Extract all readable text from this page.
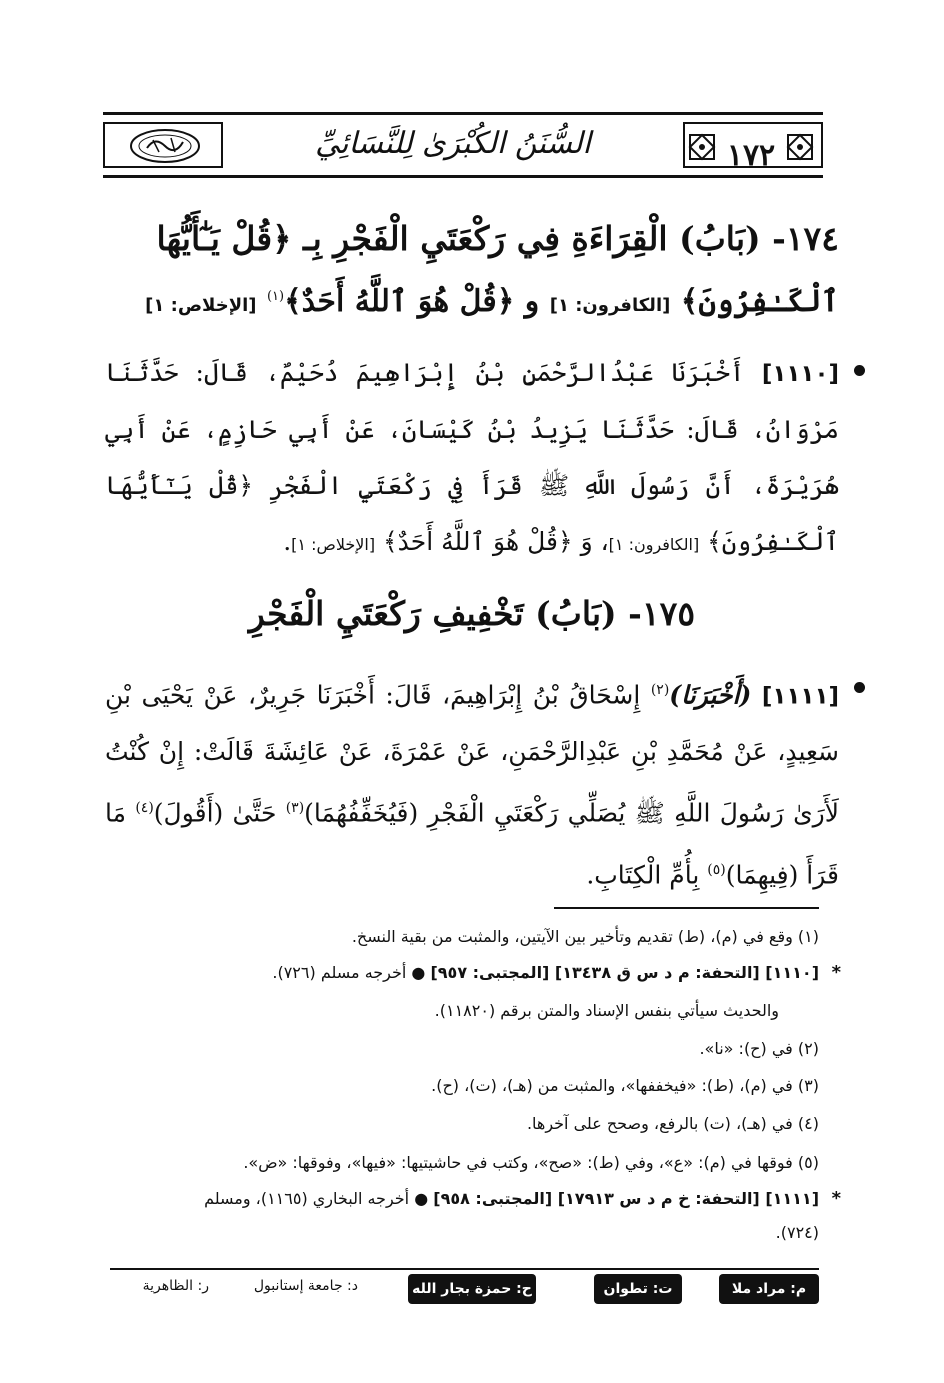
١٧٢
السُّنَنُ الكُبْرَىٰ لِلنَّسَائِيِّ
١٧٤- (بَابُ) الْقِرَاءَةِ فِي رَكْعَتَيِ الْفَجْرِ بِـ ﴿قُلْ يَـٰٓأَيُّهَا
ٱلْكَـٰفِرُونَ﴾ [الكافرون: ١] و ﴿قُلْ هُوَ ٱللَّهُ أَحَدٌ﴾$^{(١)}$ [الإخلاص: ١]
[١١١٠] أَخْبَرَنَا عَبْدُالرَّحْمَنِ بْنُ إِبْرَاهِيمَ دُحَيْمٌ، قَالَ: حَدَّثَنَا مَرْوَانُ، قَالَ: حَدَّثَنَا يَزِيدُ بْنُ كَيْسَانَ، عَنْ أَبِي حَازِمٍ، عَنْ أَبِي هُرَيْرَةَ، أَنَّ رَسُولَ اللَّهِ ﷺ قَرَأَ فِي رَكْعَتَيِ الْفَجْرِ ﴿قُلْ يَـٰٓأَيُّهَا ٱلْكَـٰفِرُونَ﴾ [الكافرون: ١]، وَ ﴿قُلْ هُوَ ٱللَّهُ أَحَدٌ﴾ [الإخلاص: ١].
١٧٥- (بَابُ) تَخْفِيفِ رَكْعَتَيِ الْفَجْرِ
[١١١١] (أَخْبَرَنَا)$^{(٢)}$ إِسْحَاقُ بْنُ إِبْرَاهِيمَ، قَالَ: أَخْبَرَنَا جَرِيرٌ، عَنْ يَحْيَى بْنِ سَعِيدٍ، عَنْ مُحَمَّدِ بْنِ عَبْدِالرَّحْمَنِ، عَنْ عَمْرَةَ، عَنْ عَائِشَةَ قَالَتْ: إِنْ كُنْتُ لَأَرَىٰ رَسُولَ اللَّهِ ﷺ يُصَلِّي رَكْعَتَيِ الْفَجْرِ (فَيُخَفِّفُهُمَا)$^{(٣)}$ حَتَّىٰ (أَقُولَ)$^{(٤)}$ مَا قَرَأَ (فِيهِمَا)$^{(٥)}$ بِأُمِّ الْكِتَابِ.
(١) وقع في (م)، (ط) تقديم وتأخير بين الآيتين، والمثبت من بقية النسخ.
*
[١١١٠] [التحفة: م د س ق ١٣٤٣٨] [المجتبى: ٩٥٧] ● أخرجه مسلم (٧٢٦).
والحديث سيأتي بنفس الإسناد والمتن برقم (١١٨٢٠).
(٢) في (ح): «نا».
(٣) في (م)، (ط): «فيخففها»، والمثبت من (هـ)، (ت)، (ح).
(٤) في (هـ)، (ت) بالرفع، وصحح على آخرها.
(٥) فوقها في (م): «ع»، وفي (ط): «صح»، وكتب في حاشيتيها: «فيها»، وفوقها: «ض».
*
[١١١١] [التحفة: خ م د س ١٧٩١٣] [المجتبى: ٩٥٨] ● أخرجه البخاري (١١٦٥)، ومسلم
(٧٢٤).
م: مراد ملا
ت: تطوان
ح: حمزة بجار الله
د: جامعة إستانبول
ر: الظاهرية
